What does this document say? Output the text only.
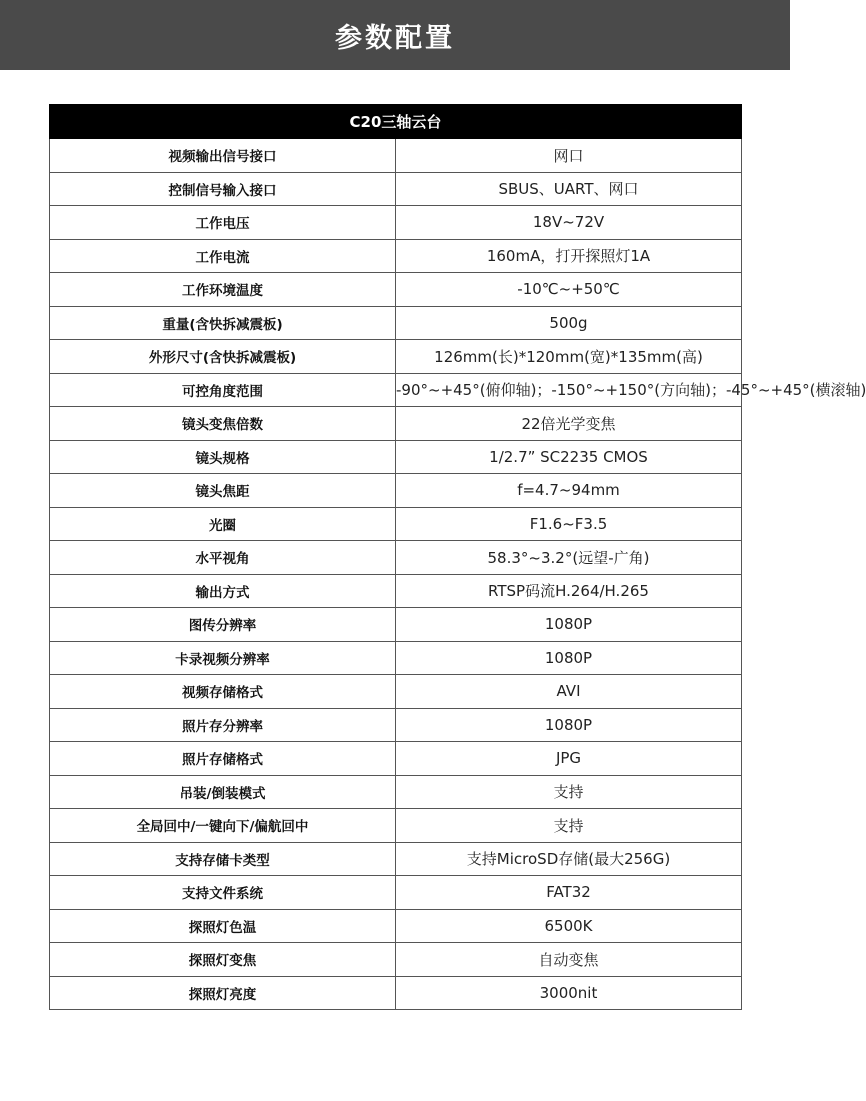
参数配置
C20三轴云台	
视频输出信号接口	网口
控制信号输入接口	SBUS、UART、网口
工作电压	18V~72V
工作电流	160mA，打开探照灯1A
工作环境温度	-10℃~+50℃
重量(含快拆减震板)	500g
外形尺寸(含快拆减震板)	126mm(长)*120mm(宽)*135mm(高)
可控角度范围	-90°~+45°(俯仰轴)；-150°~+150°(方向轴)；-45°~+45°(横滚轴)
镜头变焦倍数	22倍光学变焦
镜头规格	1/2.7” SC2235 CMOS
镜头焦距	f=4.7~94mm
光圈	F1.6~F3.5
水平视角	58.3°~3.2°(远望-广角)
输出方式	RTSP码流H.264/H.265
图传分辨率	1080P
卡录视频分辨率	1080P
视频存储格式	AVI
照片存分辨率	1080P
照片存储格式	JPG
吊装/倒装模式	支持
全局回中/一键向下/偏航回中	支持
支持存储卡类型	支持MicroSD存储(最大256G)
支持文件系统	FAT32
探照灯色温	6500K
探照灯变焦	自动变焦
探照灯亮度	3000nit
